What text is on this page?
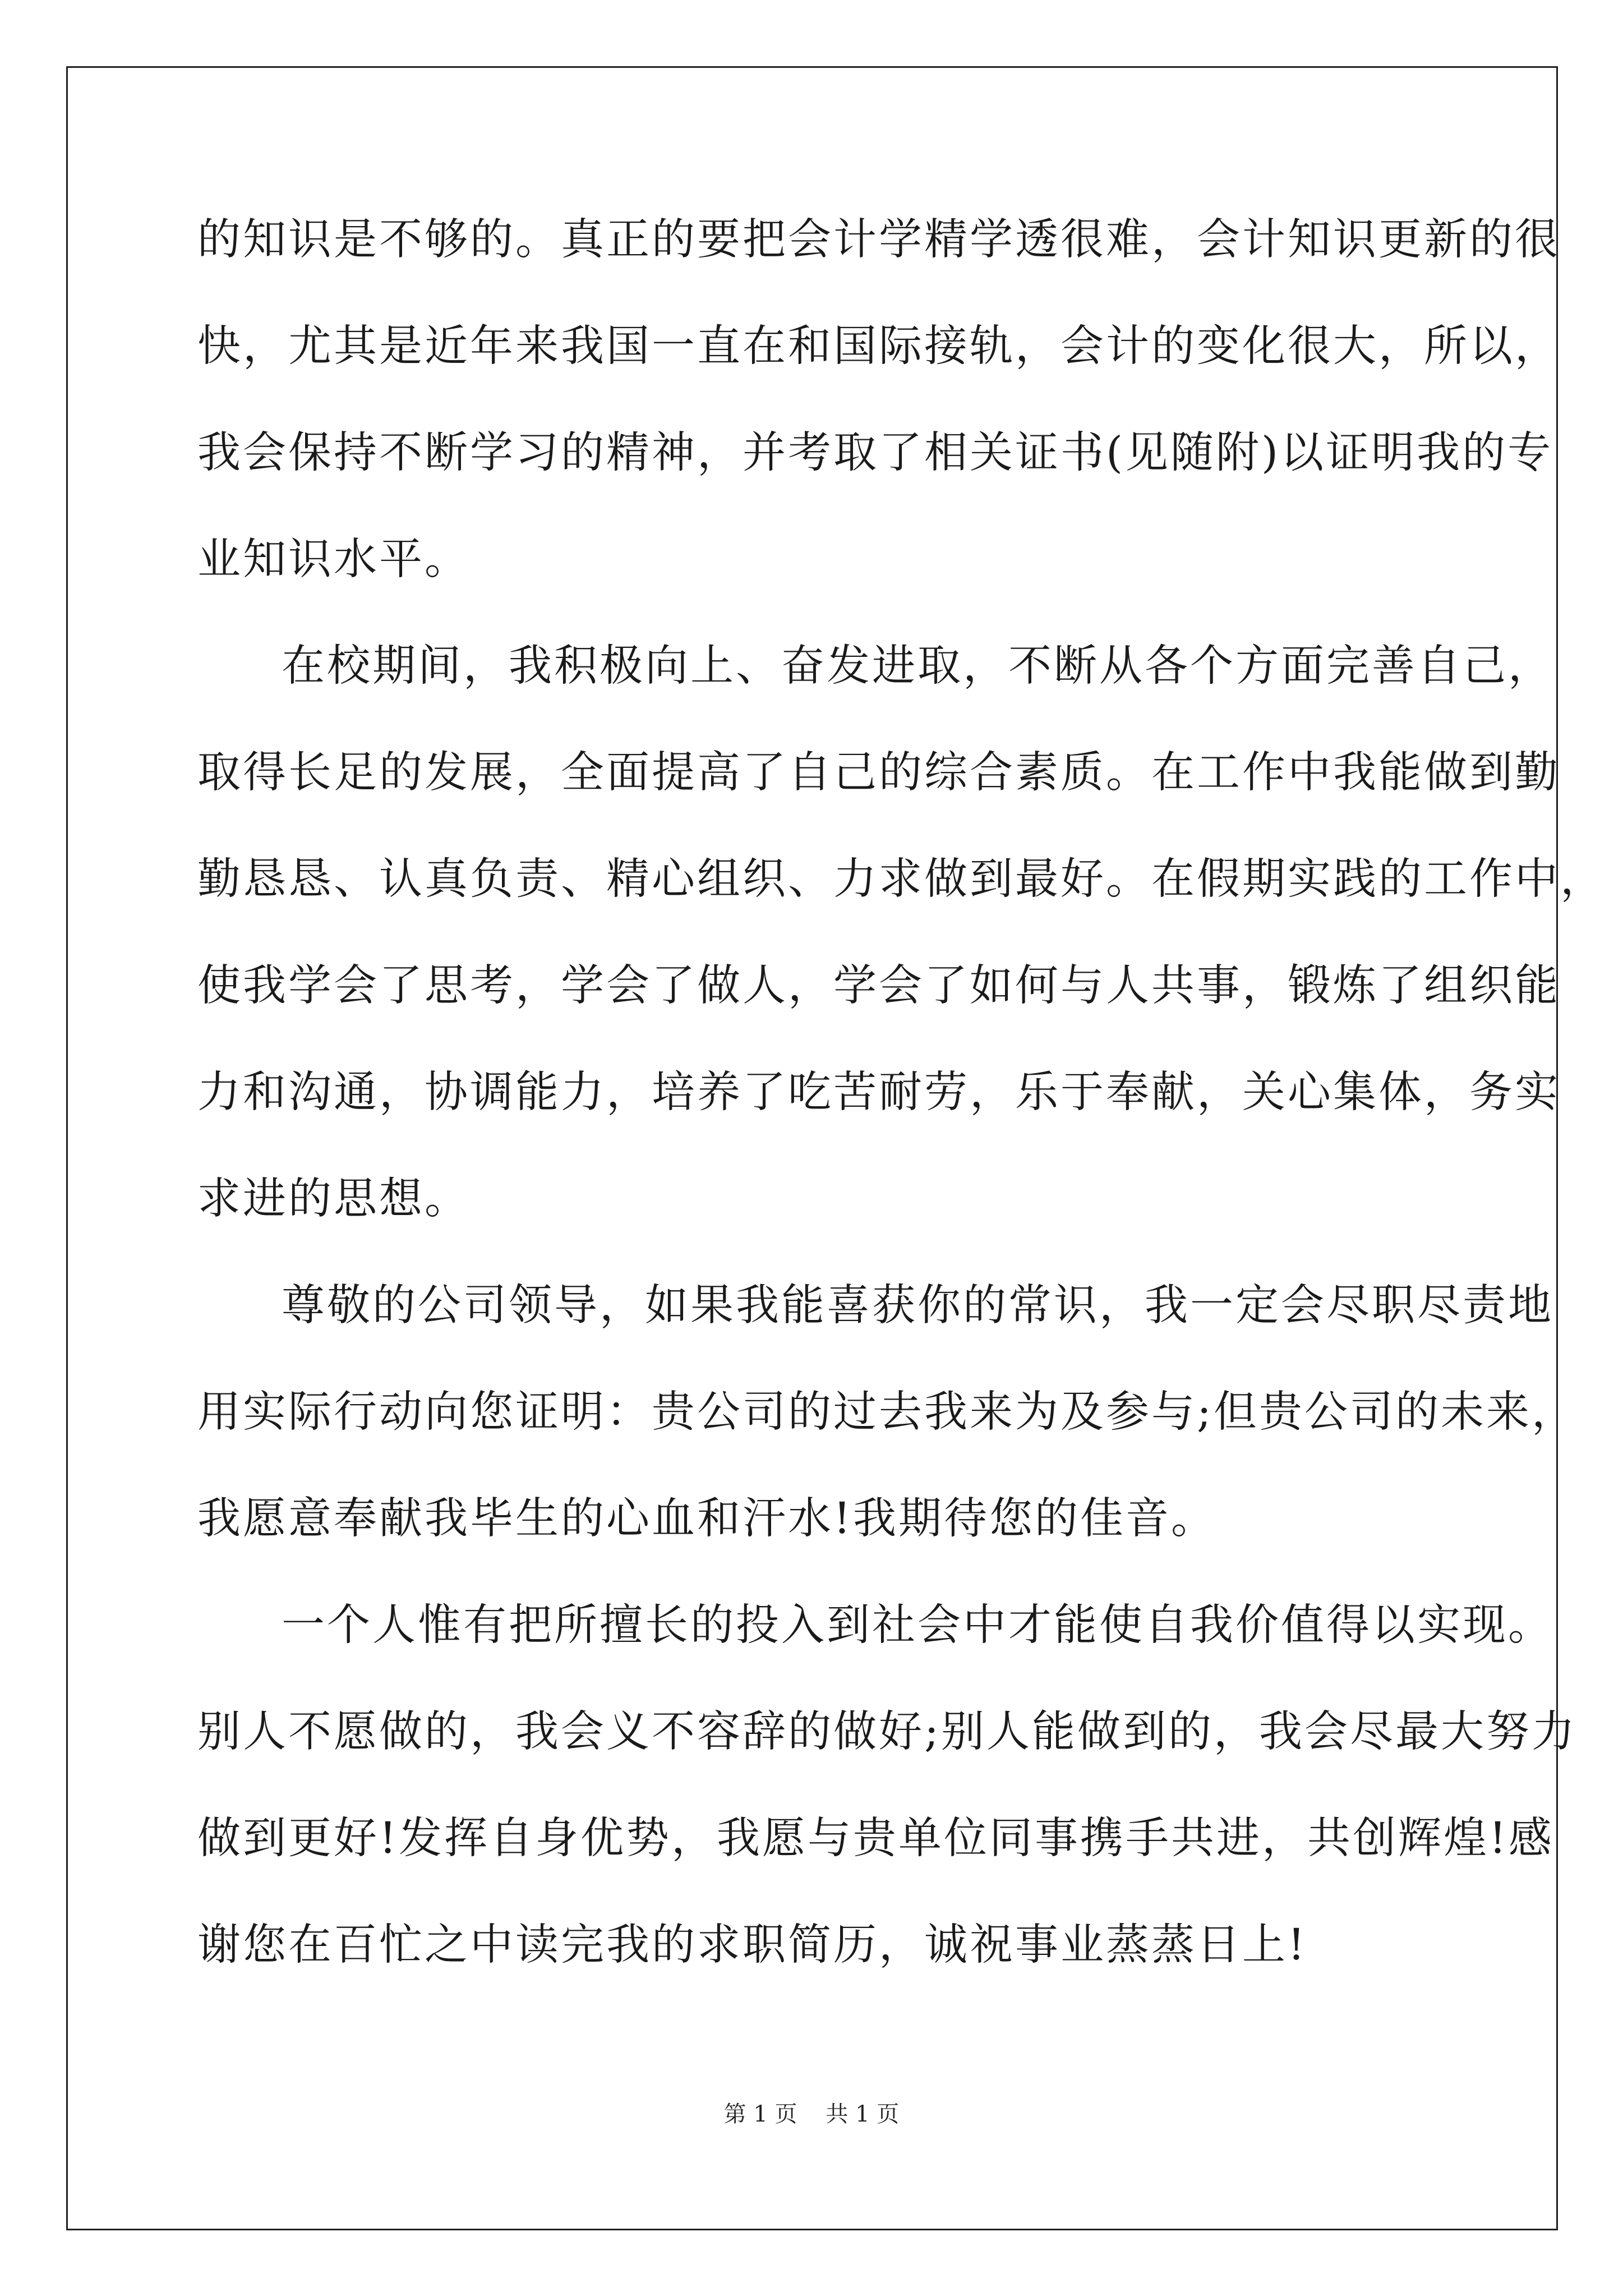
的知识是不够的。真正的要把会计学精学透很难，会计知识更新的很
快，尤其是近年来我国一直在和国际接轨，会计的变化很大，所以，
我会保持不断学习的精神，并考取了相关证书(见随附)以证明我的专
业知识水平。
在校期间，我积极向上、奋发进取，不断从各个方面完善自己，
取得长足的发展，全面提高了自己的综合素质。在工作中我能做到勤
勤恳恳、认真负责、精心组织、力求做到最好。在假期实践的工作中，
使我学会了思考，学会了做人，学会了如何与人共事，锻炼了组织能
力和沟通，协调能力，培养了吃苦耐劳，乐于奉献，关心集体，务实
求进的思想。
尊敬的公司领导，如果我能喜获你的常识，我一定会尽职尽责地
用实际行动向您证明：贵公司的过去我来为及参与;但贵公司的未来，
我愿意奉献我毕生的心血和汗水!我期待您的佳音。
一个人惟有把所擅长的投入到社会中才能使自我价值得以实现。
别人不愿做的，我会义不容辞的做好;别人能做到的，我会尽最大努力
做到更好!发挥自身优势，我愿与贵单位同事携手共进，共创辉煌!感
谢您在百忙之中读完我的求职简历，诚祝事业蒸蒸日上!
第 1 页 共 1 页
